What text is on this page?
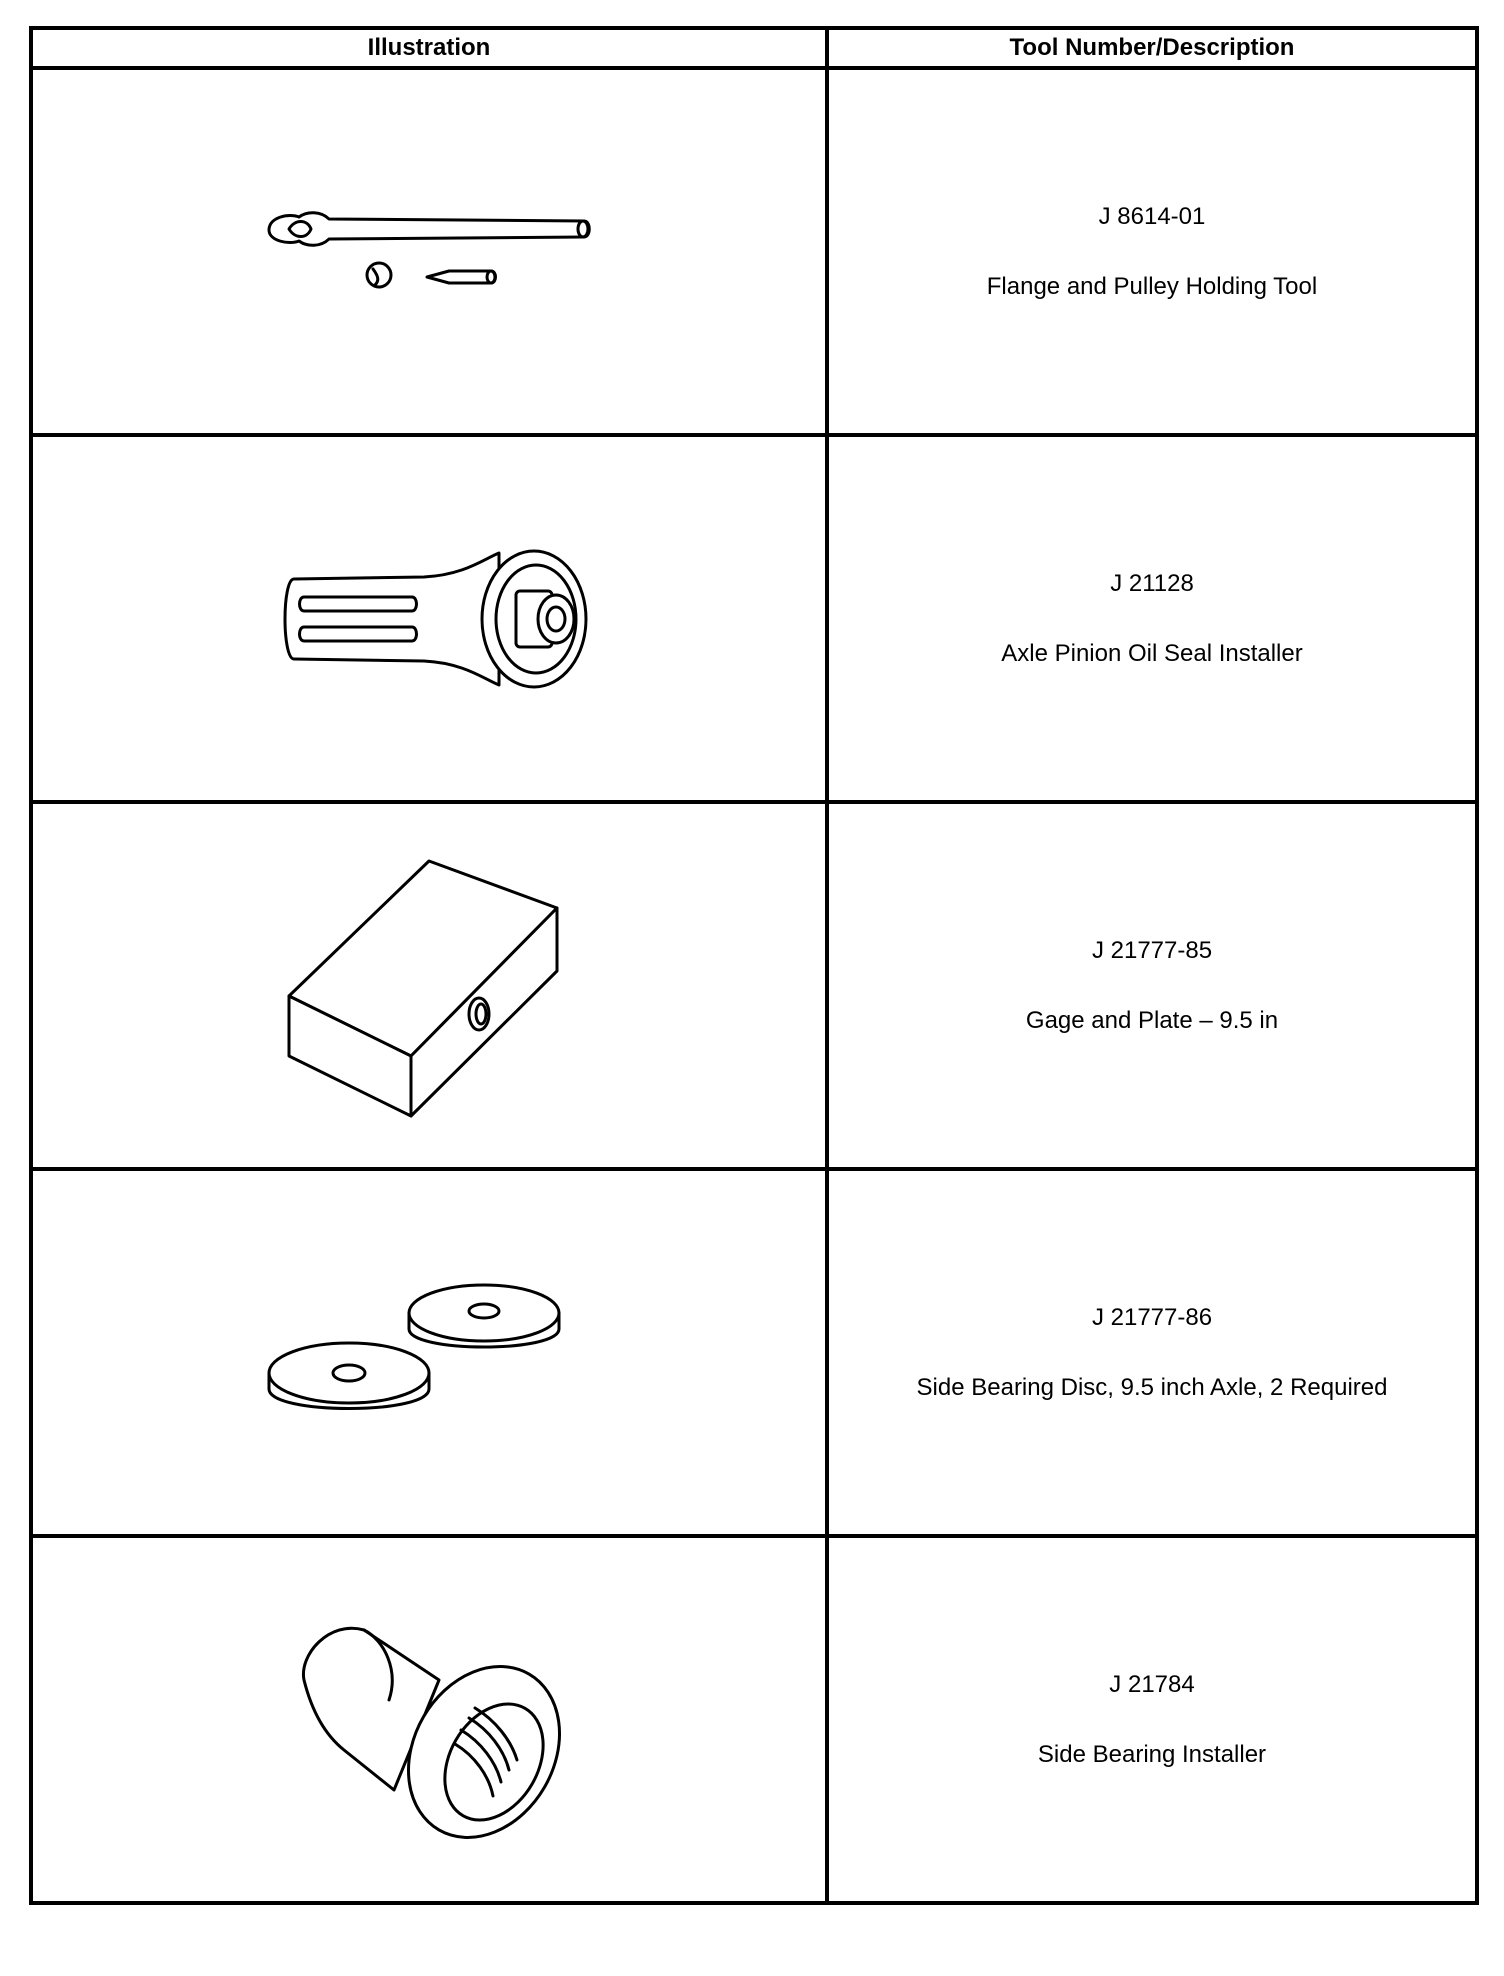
Illustration	Tool Number/Description

J 8614-01
Flange and Pulley Holding Tool

J 21128
Axle Pinion Oil Seal Installer

J 21777-85
Gage and Plate – 9.5 in

J 21777-86
Side Bearing Disc, 9.5 inch Axle, 2 Required

J 21784
Side Bearing Installer
